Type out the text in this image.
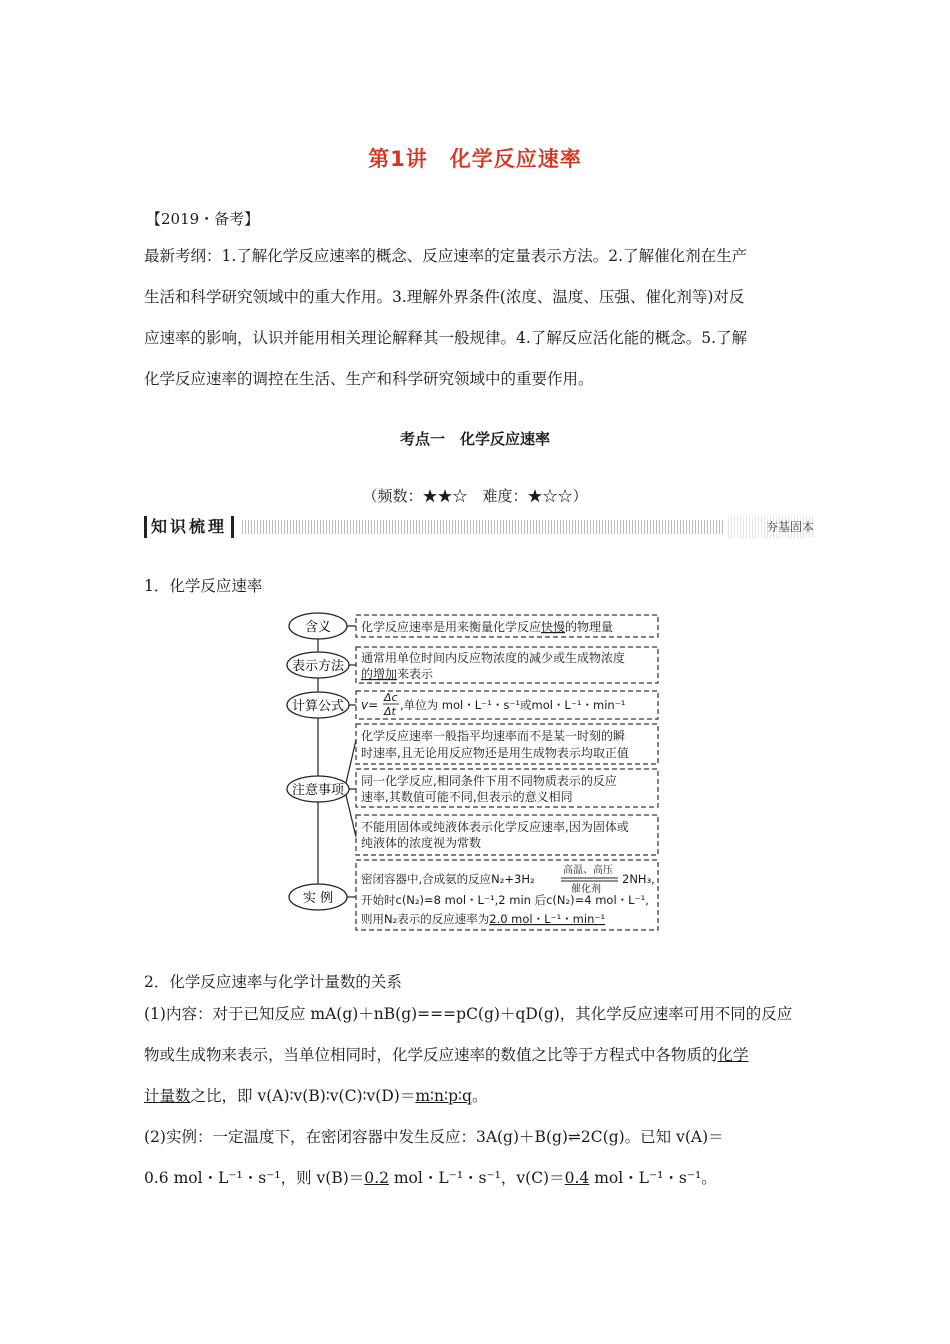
第1讲　化学反应速率
【2019・备考】
最新考纲：1.了解化学反应速率的概念、反应速率的定量表示方法。2.了解催化剂在生产
生活和科学研究领域中的重大作用。3.理解外界条件(浓度、温度、压强、催化剂等)对反
应速率的影响，认识并能用相关理论解释其一般规律。4.了解反应活化能的概念。5.了解
化学反应速率的调控在生活、生产和科学研究领域中的重要作用。
考点一　化学反应速率
（频数：★★☆　难度：★☆☆）
知识梳理	夯基固本
1．化学反应速率
含义
表示方法
计算公式
注意事项
实 例
化学反应速率是用来衡量化学反应快慢的物理量
通常用单位时间内反应物浓度的减少或生成物浓度
的增加来表示
v=
Δc
Δt ,单位为 mol・L⁻¹・s⁻¹或mol・L⁻¹・min⁻¹
化学反应速率一般指平均速率而不是某一时刻的瞬
时速率,且无论用反应物还是用生成物表示均取正值
同一化学反应,相同条件下用不同物质表示的反应
速率,其数值可能不同,但表示的意义相同
不能用固体或纯液体表示化学反应速率,因为固体或
纯液体的浓度视为常数
密闭容器中,合成氨的反应N₂+3H₂
高温、高压
催化剂
2NH₃,
开始时c(N₂)=8 mol・L⁻¹,2 min 后c(N₂)=4 mol・L⁻¹,
则用N₂表示的反应速率为2.0 mol・L⁻¹・min⁻¹
2．化学反应速率与化学计量数的关系
(1)内容：对于已知反应 mA(g)＋nB(g)===pC(g)＋qD(g)，其化学反应速率可用不同的反应
物或生成物来表示，当单位相同时，化学反应速率的数值之比等于方程式中各物质的化学
计量数之比，即 v(A)∶v(B)∶v(C)∶v(D)＝m∶n∶p∶q。
(2)实例：一定温度下，在密闭容器中发生反应：3A(g)＋B(g)⇌2C(g)。已知 v(A)＝
0.6 mol・L⁻¹・s⁻¹，则 v(B)＝0.2 mol・L⁻¹・s⁻¹，v(C)＝0.4 mol・L⁻¹・s⁻¹。
